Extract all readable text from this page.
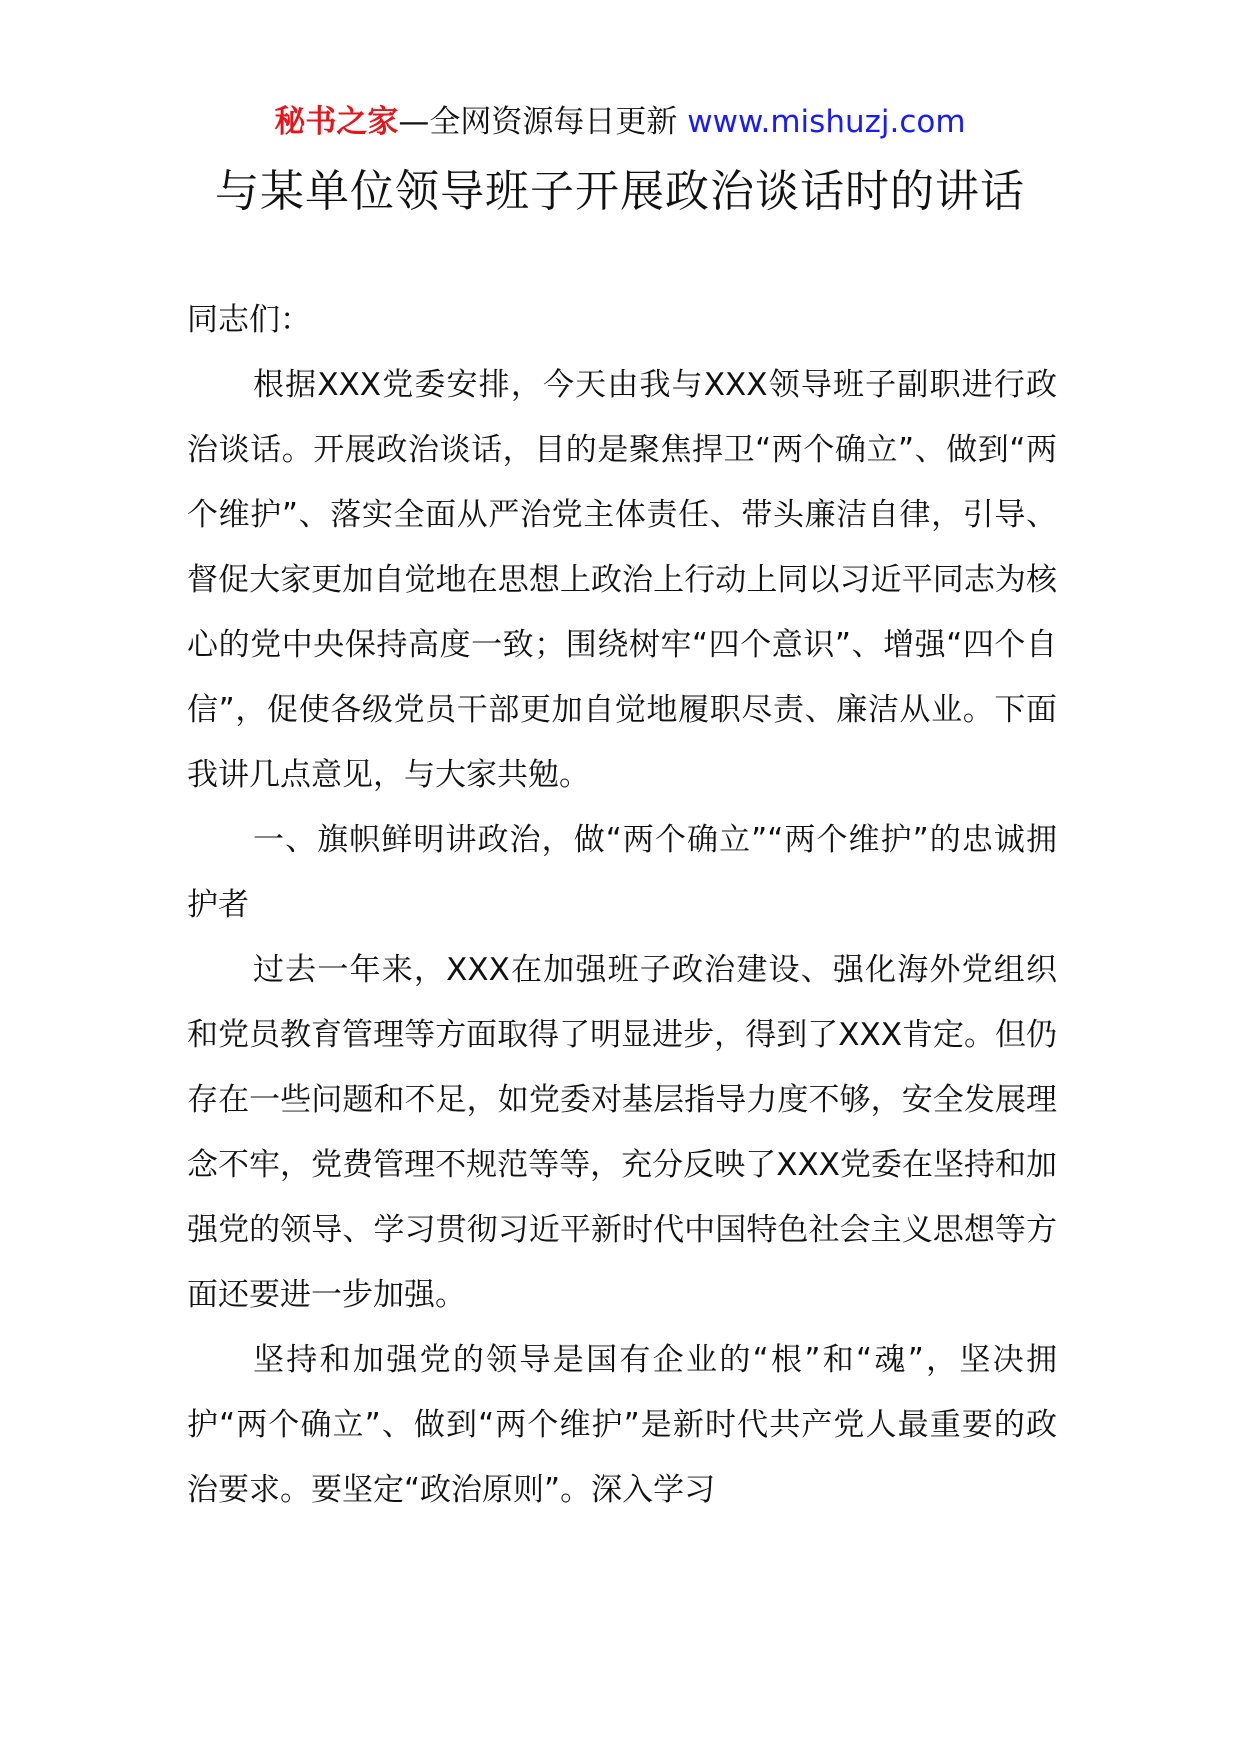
秘书之家—全网资源每日更新 www.mishuzj.com
与某单位领导班子开展政治谈话时的讲话

同志们：

根据XXX党委安排，今天由我与XXX领导班子副职进行政治谈话。开展政治谈话，目的是聚焦捍卫“两个确立”、做到“两个维护”、落实全面从严治党主体责任、带头廉洁自律，引导、督促大家更加自觉地在思想上政治上行动上同以习近平同志为核心的党中央保持高度一致；围绕树牢“四个意识”、增强“四个自信”，促使各级党员干部更加自觉地履职尽责、廉洁从业。下面我讲几点意见，与大家共勉。

一、旗帜鲜明讲政治，做“两个确立”“两个维护”的忠诚拥护者

过去一年来，XXX在加强班子政治建设、强化海外党组织和党员教育管理等方面取得了明显进步，得到了XXX肯定。但仍存在一些问题和不足，如党委对基层指导力度不够，安全发展理念不牢，党费管理不规范等等，充分反映了XXX党委在坚持和加强党的领导、学习贯彻习近平新时代中国特色社会主义思想等方面还要进一步加强。

坚持和加强党的领导是国有企业的“根”和“魂”，坚决拥护“两个确立”、做到“两个维护”是新时代共产党人最重要的政治要求。要坚定“政治原则”。深入学习
